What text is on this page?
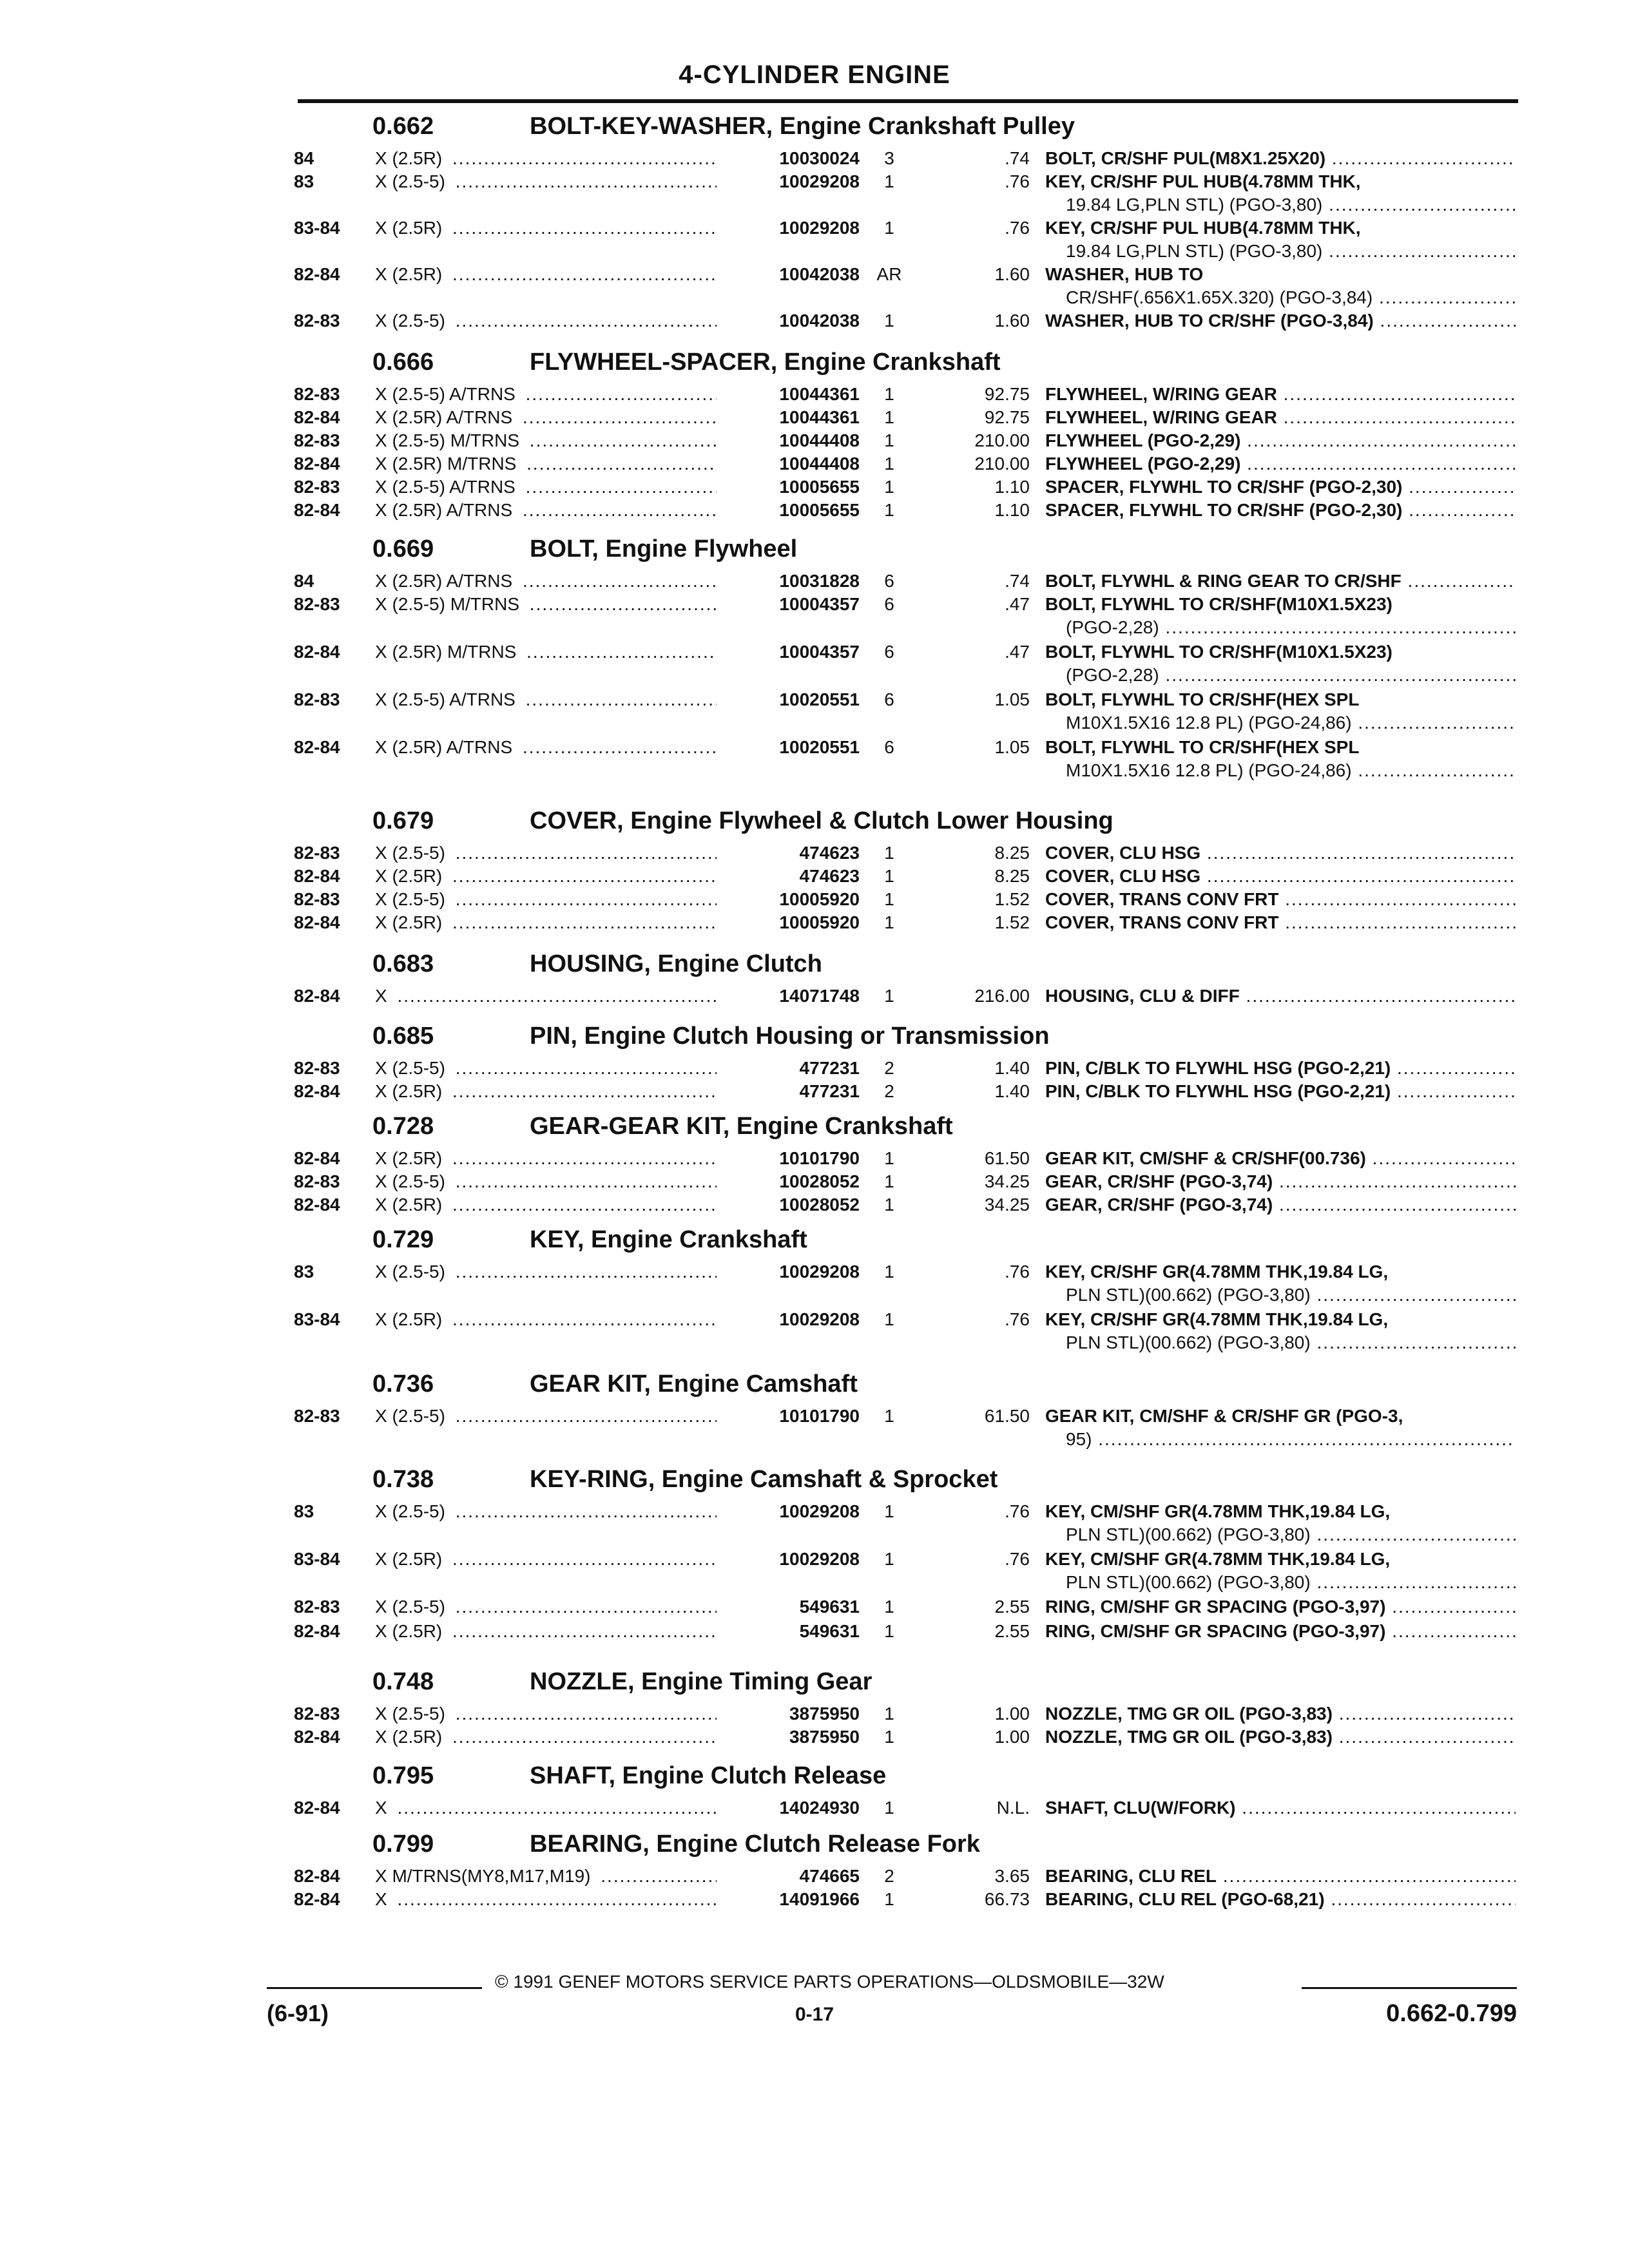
4-CYLINDER ENGINE
0.662	BOLT-KEY-WASHER, Engine Crankshaft Pulley
84	X (2.5R) .....	10030024	3	.74 BOLT, CR/SHF PUL(M8X1.25X20) .....
83	X (2.5-5) .....	10029208	1	.76 KEY, CR/SHF PUL HUB(4.78MM THK,
19.84 LG,PLN STL) (PGO-3,80) .....
83-84 X (2.5R) .....	10029208	1	.76 KEY, CR/SHF PUL HUB(4.78MM THK,
19.84 LG,PLN STL) (PGO-3,80) .....
82-84 X (2.5R) .....	10042038 AR	1.60 WASHER, HUB TO
CR/SHF(.656X1.65X.320) (PGO-3,84) .....
82-83 X (2.5-5) .....	10042038	1	1.60 WASHER, HUB TO CR/SHF (PGO-3,84) .....
0.666	FLYWHEEL-SPACER, Engine Crankshaft
82-83 X (2.5-5) A/TRNS .....	10044361	1	92.75 FLYWHEEL, W/RING GEAR .....
82-84 X (2.5R) A/TRNS .....	10044361	1	92.75 FLYWHEEL, W/RING GEAR .....
82-83 X (2.5-5) M/TRNS .....	10044408	1	210.00 FLYWHEEL (PGO-2,29) .....
82-84 X (2.5R) M/TRNS .....	10044408	1	210.00 FLYWHEEL (PGO-2,29) .....
82-83 X (2.5-5) A/TRNS .....	10005655	1	1.10 SPACER, FLYWHL TO CR/SHF (PGO-2,30) .....
82-84 X (2.5R) A/TRNS .....	10005655	1	1.10 SPACER, FLYWHL TO CR/SHF (PGO-2,30) .....
0.669	BOLT, Engine Flywheel
84	X (2.5R) A/TRNS .....	10031828	6	.74 BOLT, FLYWHL & RING GEAR TO CR/SHF .....
82-83 X (2.5-5) M/TRNS .....	10004357	6	.47 BOLT, FLYWHL TO CR/SHF(M10X1.5X23)
(PGO-2,28) .....
82-84 X (2.5R) M/TRNS .....	10004357	6	.47 BOLT, FLYWHL TO CR/SHF(M10X1.5X23)
(PGO-2,28) .....
82-83 X (2.5-5) A/TRNS .....	10020551	6	1.05 BOLT, FLYWHL TO CR/SHF(HEX SPL
M10X1.5X16 12.8 PL) (PGO-24,86) .....
82-84 X (2.5R) A/TRNS .....	10020551	6	1.05 BOLT, FLYWHL TO CR/SHF(HEX SPL
M10X1.5X16 12.8 PL) (PGO-24,86) .....
0.679	COVER, Engine Flywheel & Clutch Lower Housing
82-83 X (2.5-5) .....	474623	1	8.25 COVER, CLU HSG .....
82-84 X (2.5R) .....	474623	1	8.25 COVER, CLU HSG .....
82-83 X (2.5-5) .....	10005920	1	1.52 COVER, TRANS CONV FRT .....
82-84 X (2.5R) .....	10005920	1	1.52 COVER, TRANS CONV FRT .....
0.683	HOUSING, Engine Clutch
82-84 X .....	14071748	1	216.00 HOUSING, CLU & DIFF .....
0.685	PIN, Engine Clutch Housing or Transmission
82-83 X (2.5-5) .....	477231	2	1.40 PIN, C/BLK TO FLYWHL HSG (PGO-2,21) .....
82-84 X (2.5R) .....	477231	2	1.40 PIN, C/BLK TO FLYWHL HSG (PGO-2,21) .....
0.728	GEAR-GEAR KIT, Engine Crankshaft
82-84 X (2.5R) .....	10101790	1	61.50 GEAR KIT, CM/SHF & CR/SHF(00.736) .....
82-83 X (2.5-5) .....	10028052	1	34.25 GEAR, CR/SHF (PGO-3,74) .....
82-84 X (2.5R) .....	10028052	1	34.25 GEAR, CR/SHF (PGO-3,74) .....
0.729	KEY, Engine Crankshaft
83	X (2.5-5) .....	10029208	1	.76 KEY, CR/SHF GR(4.78MM THK,19.84 LG,
PLN STL)(00.662) (PGO-3,80) .....
83-84 X (2.5R) .....	10029208	1	.76 KEY, CR/SHF GR(4.78MM THK,19.84 LG,
PLN STL)(00.662) (PGO-3,80) .....
0.736	GEAR KIT, Engine Camshaft
82-83 X (2.5-5) .....	10101790	1	61.50 GEAR KIT, CM/SHF & CR/SHF GR (PGO-3,
95) .....
0.738	KEY-RING, Engine Camshaft & Sprocket
83	X (2.5-5) .....	10029208	1	.76 KEY, CM/SHF GR(4.78MM THK,19.84 LG,
PLN STL)(00.662) (PGO-3,80) .....
83-84 X (2.5R) .....	10029208	1	.76 KEY, CM/SHF GR(4.78MM THK,19.84 LG,
PLN STL)(00.662) (PGO-3,80) .....
82-83 X (2.5-5) .....	549631	1	2.55 RING, CM/SHF GR SPACING (PGO-3,97) .....
82-84 X (2.5R) .....	549631	1	2.55 RING, CM/SHF GR SPACING (PGO-3,97) .....
0.748	NOZZLE, Engine Timing Gear
82-83 X (2.5-5) .....	3875950	1	1.00 NOZZLE, TMG GR OIL (PGO-3,83) .....
82-84 X (2.5R) .....	3875950	1	1.00 NOZZLE, TMG GR OIL (PGO-3,83) .....
0.795	SHAFT, Engine Clutch Release
82-84 X .....	14024930	1	N.L. SHAFT, CLU(W/FORK) .....
0.799	BEARING, Engine Clutch Release Fork
82-84 X M/TRNS(MY8,M17,M19) .....	474665	2	3.65 BEARING, CLU REL .....
82-84 X .....	14091966	1	66.73 BEARING, CLU REL (PGO-68,21) .....
© 1991 GENEF MOTORS SERVICE PARTS OPERATIONS—OLDSMOBILE—32W
(6-91)	0-17	0.662-0.799
